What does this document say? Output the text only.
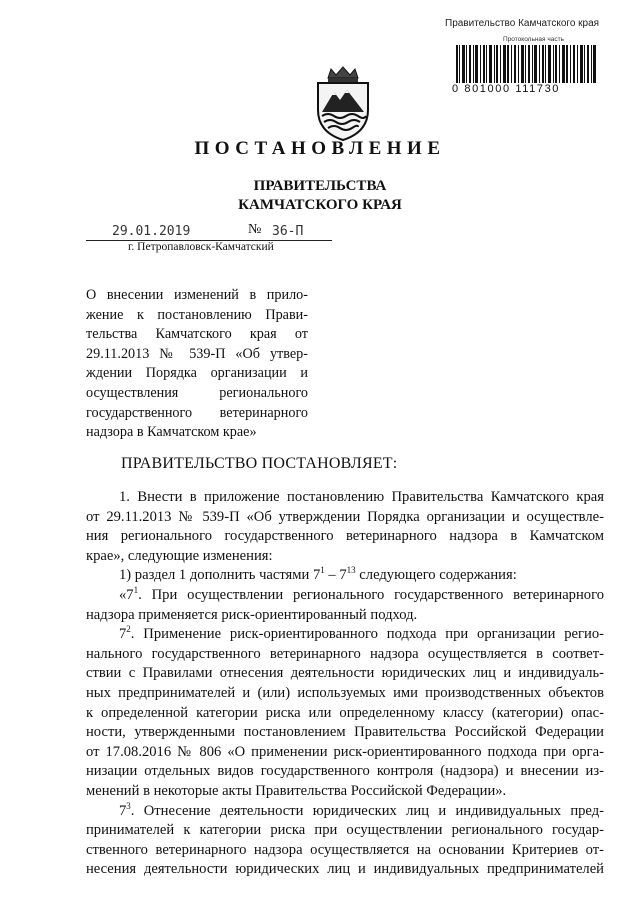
Правительство Камчатского края
Протокольная часть
0 801000 111730
ПОСТАНОВЛЕНИЕ
ПРАВИТЕЛЬСТВА
КАМЧАТСКОГО КРАЯ
29.01.2019	№ 36-П
г. Петропавловск-Камчатский
О внесении изменений в прило-
жение к постановлению Прави-
тельства Камчатского края от
29.11.2013 № 539-П «Об утвер-
ждении Порядка организации и
осуществления регионального
государственного ветеринарного
надзора в Камчатском крае»
ПРАВИТЕЛЬСТВО ПОСТАНОВЛЯЕТ:
1. Внести в приложение постановлению Правительства Камчатского края
от 29.11.2013 № 539-П «Об утверждении Порядка организации и осуществле-
ния регионального государственного ветеринарного надзора в Камчатском
крае», следующие изменения:
1) раздел 1 дополнить частями $7^1 - 7^{13}$ следующего содержания:
«$7^1$. При осуществлении регионального государственного ветеринарного
надзора применяется риск-ориентированный подход.
$7^2$. Применение риск-ориентированного подхода при организации регио-
нального государственного ветеринарного надзора осуществляется в соответ-
ствии с Правилами отнесения деятельности юридических лиц и индивидуаль-
ных предпринимателей и (или) используемых ими производственных объектов
к определенной категории риска или определенному классу (категории) опас-
ности, утвержденными постановлением Правительства Российской Федерации
от 17.08.2016 № 806 «О применении риск-ориентированного подхода при орга-
низации отдельных видов государственного контроля (надзора) и внесении из-
менений в некоторые акты Правительства Российской Федерации».
$7^3$. Отнесение деятельности юридических лиц и индивидуальных пред-
принимателей к категории риска при осуществлении регионального государ-
ственного ветеринарного надзора осуществляется на основании Критериев от-
несения деятельности юридических лиц и индивидуальных предпринимателей
